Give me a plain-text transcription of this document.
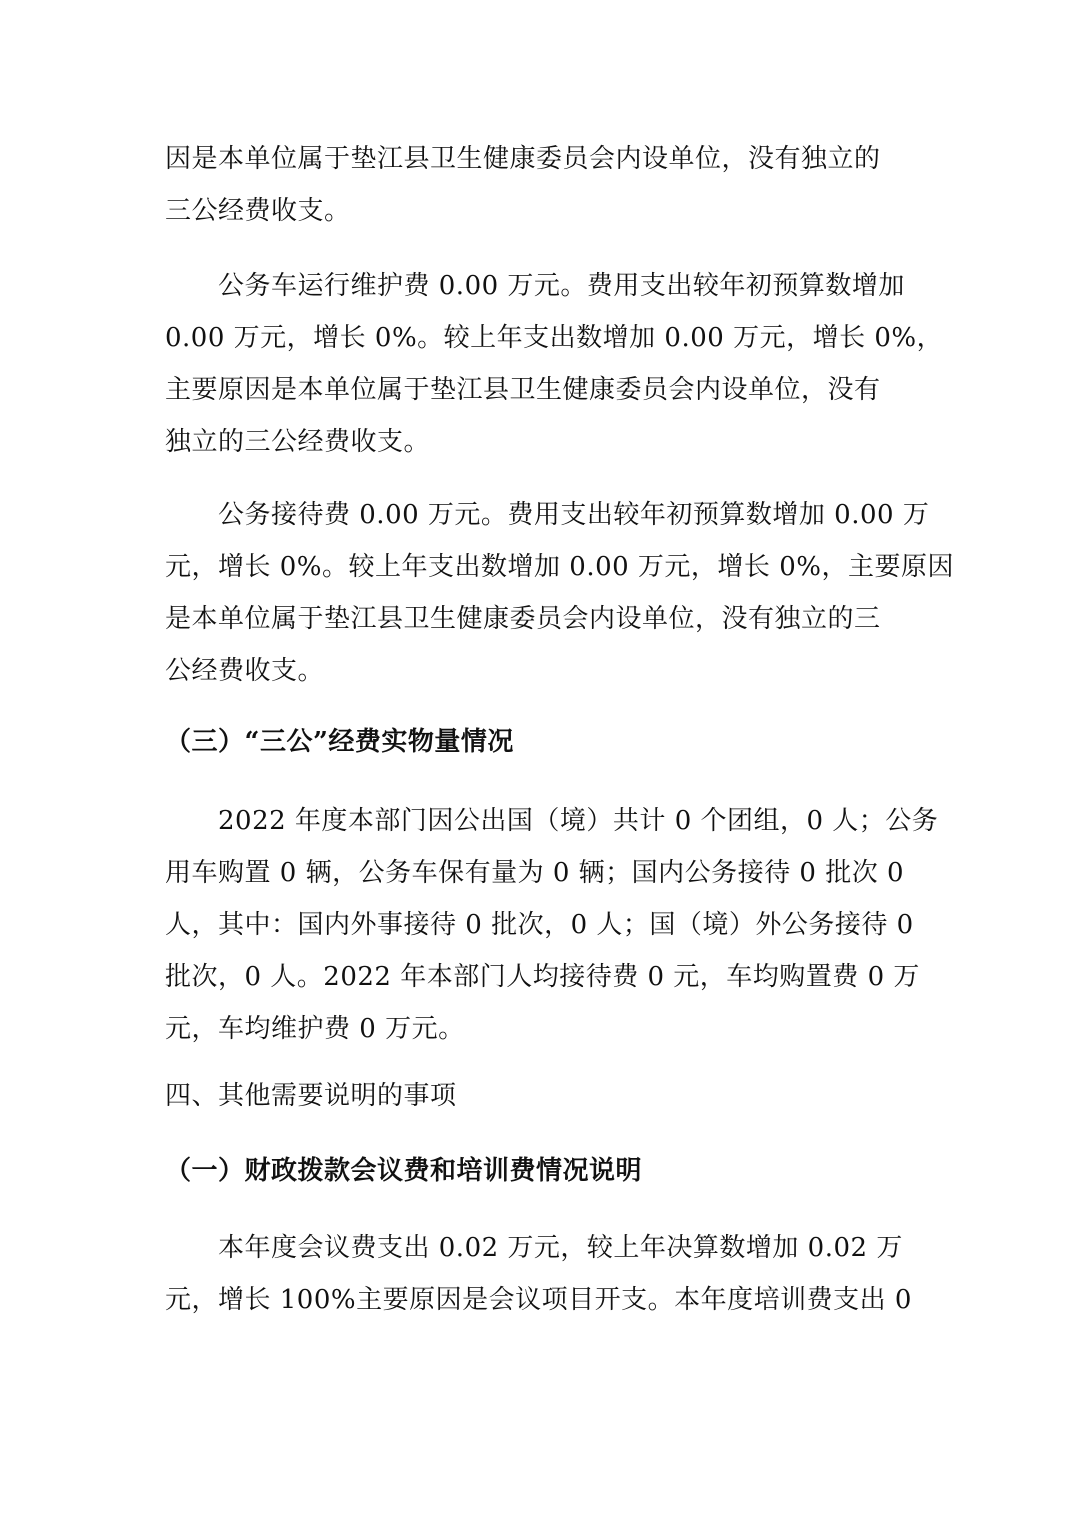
因是本单位属于垫江县卫生健康委员会内设单位，没有独立的
三公经费收支。
　　公务车运行维护费 0.00 万元。费用支出较年初预算数增加
0.00 万元，增长 0%。较上年支出数增加 0.00 万元，增长 0%，
主要原因是本单位属于垫江县卫生健康委员会内设单位，没有
独立的三公经费收支。
　　公务接待费 0.00 万元。费用支出较年初预算数增加 0.00 万
元，增长 0%。较上年支出数增加 0.00 万元，增长 0%，主要原因
是本单位属于垫江县卫生健康委员会内设单位，没有独立的三
公经费收支。
（三）“三公”经费实物量情况
　　2022 年度本部门因公出国（境）共计 0 个团组，0 人；公务
用车购置 0 辆，公务车保有量为 0 辆；国内公务接待 0 批次 0
人，其中：国内外事接待 0 批次，0 人；国（境）外公务接待 0
批次，0 人。2022 年本部门人均接待费 0 元，车均购置费 0 万
元，车均维护费 0 万元。
四、其他需要说明的事项
（一）财政拨款会议费和培训费情况说明
　　本年度会议费支出 0.02 万元，较上年决算数增加 0.02 万
元，增长 100%主要原因是会议项目开支。本年度培训费支出 0
